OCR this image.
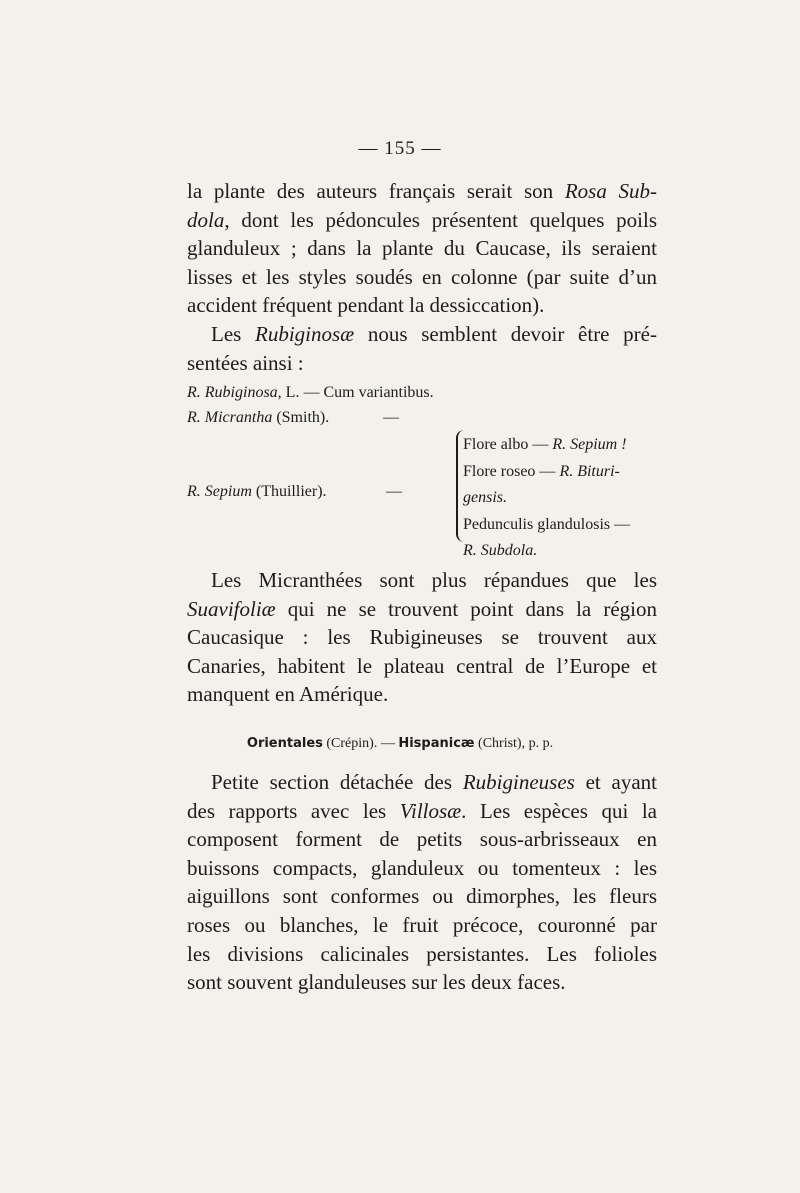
— 155 —
la plante des auteurs français serait son Rosa Sub-
dola, dont les pédoncules présentent quelques poils
glanduleux ; dans la plante du Caucase, ils seraient
lisses et les styles soudés en colonne (par suite d’un
accident fréquent pendant la dessiccation).
Les Rubiginosæ nous semblent devoir être pré-
sentées ainsi :
R. Rubiginosa, L. — Cum variantibus.
R. Micrantha (Smith).	—
R. Sepium (Thuillier).	—
Flore albo — R. Sepium !
Flore roseo — R. Bituri-
gensis.
Pedunculis glandulosis —
R. Subdola.
Les Micranthées sont plus répandues que les
Suavifoliæ qui ne se trouvent point dans la région
Caucasique : les Rubigineuses se trouvent aux
Canaries, habitent le plateau central de l’Europe et
manquent en Amérique.
Orientales (Crépin). — Hispanicæ (Christ), p. p.
Petite section détachée des Rubigineuses et ayant
des rapports avec les Villosæ. Les espèces qui la
composent forment de petits sous-arbrisseaux en
buissons compacts, glanduleux ou tomenteux : les
aiguillons sont conformes ou dimorphes, les fleurs
roses ou blanches, le fruit précoce, couronné par
les divisions calicinales persistantes. Les folioles
sont souvent glanduleuses sur les deux faces.
